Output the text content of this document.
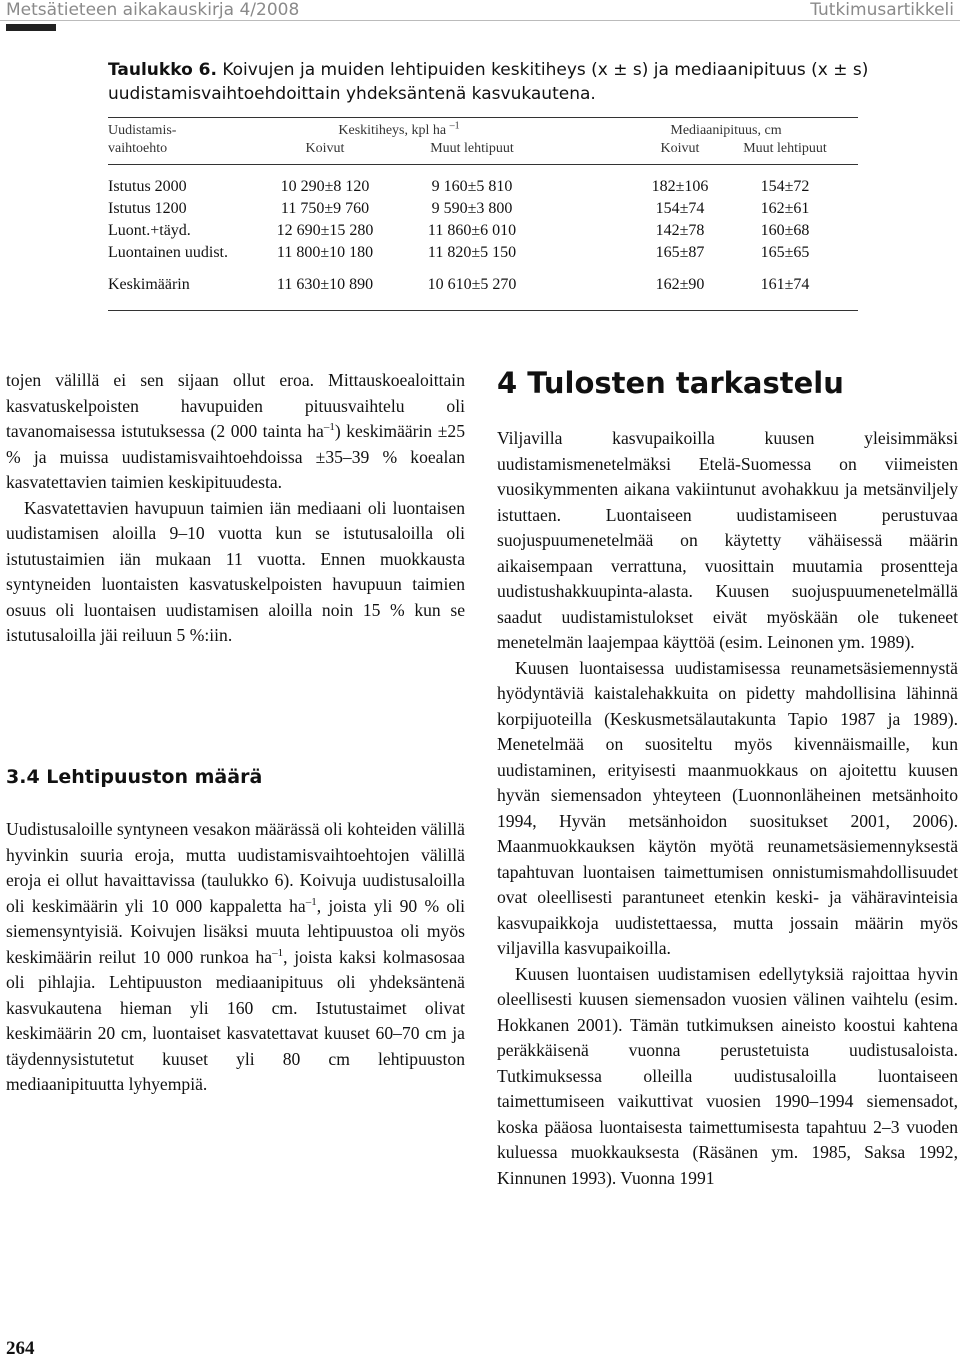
Metsätieteen aikakauskirja 4/2008	Tutkimusartikkeli
Taulukko 6. Koivujen ja muiden lehtipuiden keskitiheys (x ± s) ja mediaanipituus (x ± s) uudistamisvaihtoehdoittain yhdeksäntenä kasvukautena.
Uudistamis-	Keskitiheys, kpl ha $^{-1}$	Mediaanipituus, cm
vaihtoehto	Koivut	Muut lehtipuut	Koivut	Muut lehtipuut
Istutus 2000	10 290±8 120	9 160±5 810	182±106	154±72
Istutus 1200	11 750±9 760	9 590±3 800	154±74	162±61
Luont.+täyd.	12 690±15 280	11 860±6 010	142±78	160±68
Luontainen uudist.	11 800±10 180	11 820±5 150	165±87	165±65
Keskimäärin	11 630±10 890	10 610±5 270	162±90	161±74

tojen välillä ei sen sijaan ollut eroa. Mittauskoealoittain kasvatuskelpoisten havupuiden pituusvaihtelu oli tavanomaisessa istutuksessa (2 000 tainta $ha^{-1}$) keskimäärin ±25 % ja muissa uudistamisvaihtoehdoissa ±35–39 % koealan kasvatettavien taimien keskipituudesta.

Kasvatettavien havupuun taimien iän mediaani oli luontaisen uudistamisen aloilla 9–10 vuotta kun se istutusaloilla oli istutustaimien iän mukaan 11 vuotta. Ennen muokkausta syntyneiden luontaisten kasvatuskelpoisten havupuun taimien osuus oli luontaisen uudistamisen aloilla noin 15 % kun se istutusaloilla jäi reiluun 5 %:iin.

3.4 Lehtipuuston määrä

Uudistusaloille syntyneen vesakon määrässä oli kohteiden välillä hyvinkin suuria eroja, mutta uudistamisvaihtoehtojen välillä eroja ei ollut havaittavissa (taulukko 6). Koivuja uudistusaloilla oli keskimäärin yli 10 000 kappaletta $ha^{-1}$, joista yli 90 % oli siemensyntyisiä. Koivujen lisäksi muuta lehtipuustoa oli myös keskimäärin reilut 10 000 runkoa $ha^{-1}$, joista kaksi kolmasosaa oli pihlajia. Lehtipuuston mediaanipituus oli yhdeksäntenä kasvukautena hieman yli 160 cm. Istutustaimet olivat keskimäärin 20 cm, luontaiset kasvatettavat kuuset 60–70 cm ja täydennysistutetut kuuset yli 80 cm lehtipuuston mediaanipituutta lyhyempiä.

4 Tulosten tarkastelu

Viljavilla kasvupaikoilla kuusen yleisimmäksi uudistamismenetelmäksi Etelä-Suomessa on viimeisten vuosikymmenten aikana vakiintunut avohakkuu ja metsänviljely istuttaen. Luontaiseen uudistamiseen perustuvaa suojuspuumenetelmää on käytetty vähäisessä määrin aikaisempaan verrattuna, vuosittain muutamia prosentteja uudistushakkuupinta-alasta. Kuusen suojuspuumenetelmällä saadut uudistamistulokset eivät myöskään ole tukeneet menetelmän laajempaa käyttöä (esim. Leinonen ym. 1989).

Kuusen luontaisessa uudistamisessa reunametsäsiemennystä hyödyntäviä kaistalehakkuita on pidetty mahdollisina lähinnä korpijuoteilla (Keskusmetsälautakunta Tapio 1987 ja 1989). Menetelmää on suositeltu myös kivennäismaille, kun uudistaminen, erityisesti maanmuokkaus on ajoitettu kuusen hyvän siemensadon yhteyteen (Luonnonläheinen metsänhoito 1994, Hyvän metsänhoidon suositukset 2001, 2006). Maanmuokkauksen käytön myötä reunametsäsiemennyksestä tapahtuvan luontaisen taimettumisen onnistumismahdollisuudet ovat oleellisesti parantuneet etenkin keski- ja vähäravinteisia kasvupaikkoja uudistettaessa, mutta jossain määrin myös viljavilla kasvupaikoilla.

Kuusen luontaisen uudistamisen edellytyksiä rajoittaa hyvin oleellisesti kuusen siemensadon vuosien välinen vaihtelu (esim. Hokkanen 2001). Tämän tutkimuksen aineisto koostui kahtena peräkkäisenä vuonna perustetuista uudistusaloista. Tutkimuksessa olleilla uudistusaloilla luontaiseen taimettumiseen vaikuttivat vuosien 1990–1994 siemensadot, koska pääosa luontaisesta taimettumisesta tapahtuu 2–3 vuoden kuluessa muokkauksesta (Räsänen ym. 1985, Saksa 1992, Kinnunen 1993). Vuonna 1991

264
